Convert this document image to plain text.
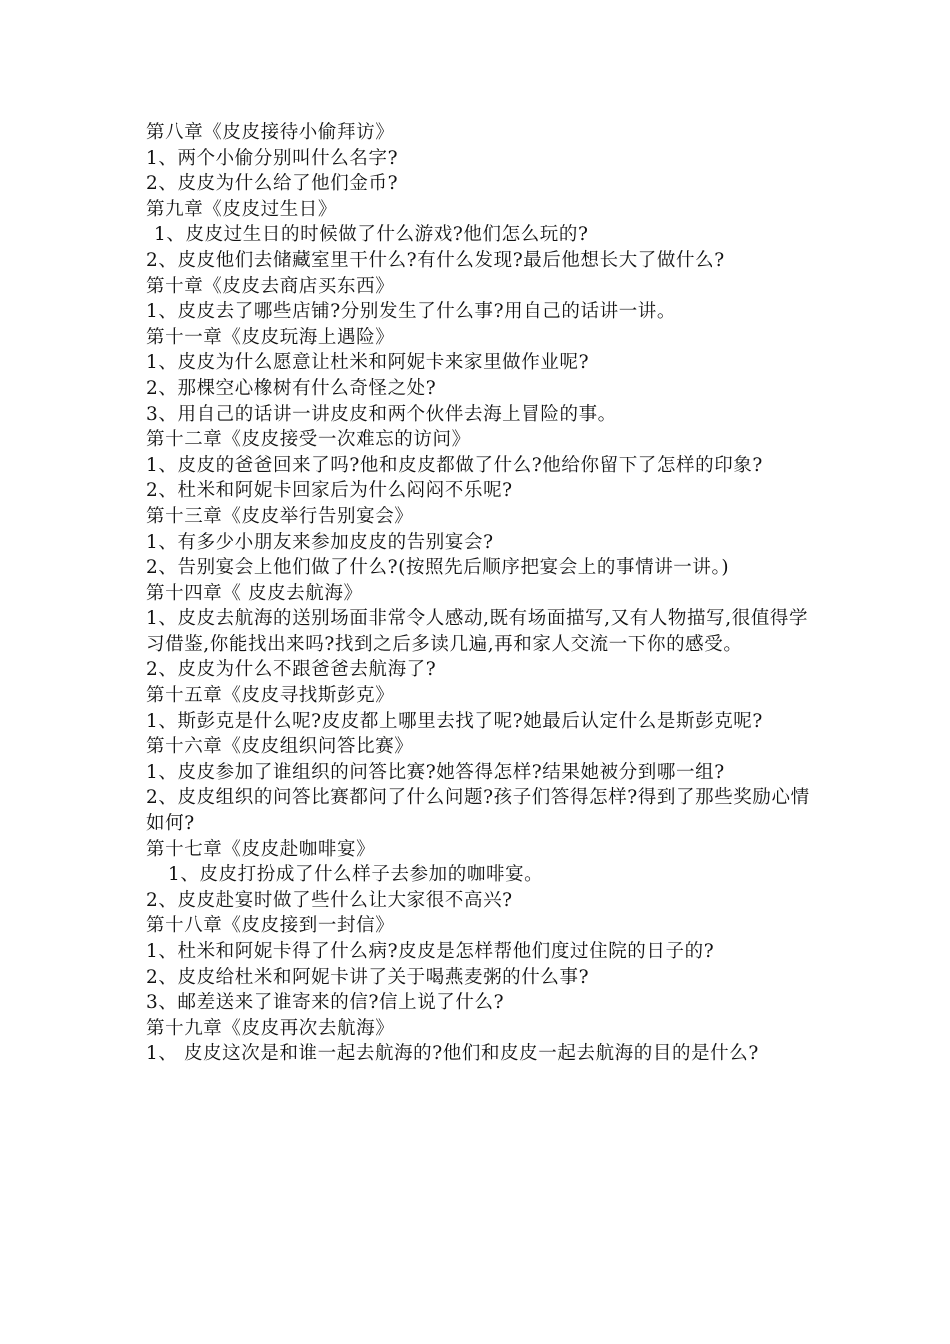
第八章《皮皮接待小偷拜访》

1、两个小偷分别叫什么名字?

2、皮皮为什么给了他们金币?

第九章《皮皮过生日》

1、皮皮过生日的时候做了什么游戏?他们怎么玩的?

2、皮皮他们去储藏室里干什么?有什么发现?最后他想长大了做什么?

第十章《皮皮去商店买东西》

1、皮皮去了哪些店铺?分别发生了什么事?用自己的话讲一讲。

第十一章《皮皮玩海上遇险》

1、皮皮为什么愿意让杜米和阿妮卡来家里做作业呢?

2、那棵空心橡树有什么奇怪之处?

3、用自己的话讲一讲皮皮和两个伙伴去海上冒险的事。

第十二章《皮皮接受一次难忘的访问》

1、皮皮的爸爸回来了吗?他和皮皮都做了什么?他给你留下了怎样的印象?

2、杜米和阿妮卡回家后为什么闷闷不乐呢?

第十三章《皮皮举行告别宴会》

1、有多少小朋友来参加皮皮的告别宴会?

2、告别宴会上他们做了什么?(按照先后顺序把宴会上的事情讲一讲。)

第十四章《 皮皮去航海》

1、皮皮去航海的送别场面非常令人感动,既有场面描写,又有人物描写,很值得学习借鉴,你能找出来吗?找到之后多读几遍,再和家人交流一下你的感受。

2、皮皮为什么不跟爸爸去航海了?

第十五章《皮皮寻找斯彭克》

1、斯彭克是什么呢?皮皮都上哪里去找了呢?她最后认定什么是斯彭克呢?

第十六章《皮皮组织问答比赛》

1、皮皮参加了谁组织的问答比赛?她答得怎样?结果她被分到哪一组?

2、皮皮组织的问答比赛都问了什么问题?孩子们答得怎样?得到了那些奖励心情如何?

第十七章《皮皮赴咖啡宴》

1、皮皮打扮成了什么样子去参加的咖啡宴。

2、皮皮赴宴时做了些什么让大家很不高兴?

第十八章《皮皮接到一封信》

1、杜米和阿妮卡得了什么病?皮皮是怎样帮他们度过住院的日子的?

2、皮皮给杜米和阿妮卡讲了关于喝燕麦粥的什么事?

3、邮差送来了谁寄来的信?信上说了什么?

第十九章《皮皮再次去航海》

1、 皮皮这次是和谁一起去航海的?他们和皮皮一起去航海的目的是什么?
